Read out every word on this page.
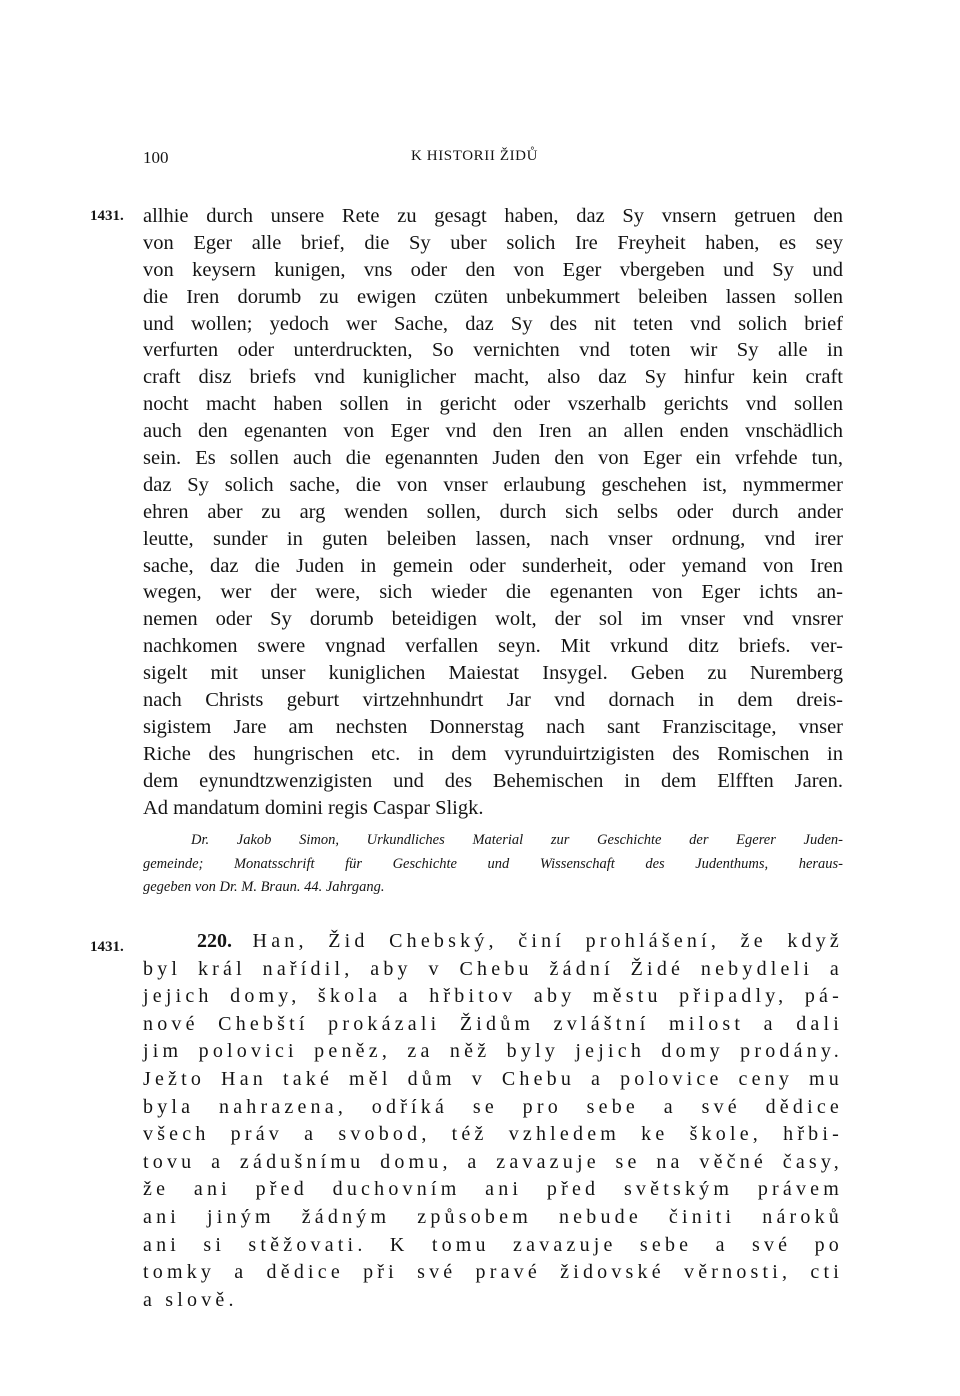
100	K HISTORII ŽIDŮ
1431. allhie durch unsere Rete zu gesagt haben, daz Sy vnsern getruen den
von Eger alle brief, die Sy uber solich Ire Freyheit haben, es sey
von keysern kunigen, vns oder den von Eger vbergeben und Sy und
die Iren dorumb zu ewigen czüten unbekummert beleiben lassen sollen
und wollen; yedoch wer Sache, daz Sy des nit teten vnd solich brief
verfurten oder unterdruckten, So vernichten vnd toten wir Sy alle in
craft disz briefs vnd kuniglicher macht, also daz Sy hinfur kein craft
nocht macht haben sollen in gericht oder vszerhalb gerichts vnd sollen
auch den egenanten von Eger vnd den Iren an allen enden vnschädlich
sein. Es sollen auch die egenannten Juden den von Eger ein vrfehde tun,
daz Sy solich sache, die von vnser erlaubung geschehen ist, nymmermer
ehren aber zu arg wenden sollen, durch sich selbs oder durch ander
leutte, sunder in guten beleiben lassen, nach vnser ordnung, vnd irer
sache, daz die Juden in gemein oder sunderheit, oder yemand von Iren
wegen, wer der were, sich wieder die egenanten von Eger ichts an-
nemen oder Sy dorumb beteidigen wolt, der sol im vnser vnd vnsrer
nachkomen swere vngnad verfallen seyn. Mit vrkund ditz briefs. ver-
sigelt mit unser kuniglichen Maiestat Insygel. Geben zu Nuremberg
nach Christs geburt virtzehnhundrt Jar vnd dornach in dem dreis-
sigistem Jare am nechsten Donnerstag nach sant Franziscitage, vnser
Riche des hungrischen etc. in dem vyrunduirtzigisten des Romischen in
dem eynundtzwenzigisten und des Behemischen in dem Elfften Jaren.
Ad mandatum domini regis Caspar Sligk.
Dr. Jakob Simon, Urkundliches Material zur Geschichte der Egerer Juden-
gemeinde; Monatsschrift für Geschichte und Wissenschaft des Judenthums, heraus-
gegeben von Dr. M. Braun. 44. Jahrgang.
1431.	220. Han, Žid Chebský, činí prohlášení, že když
byl král nařídil, aby v Chebu žádní Židé nebydleli a
jejich domy, škola a hřbitov aby městu připadly, pá-
nové Chebští prokázali Židům zvláštní milost a dali
jim polovici peněz, za něž byly jejich domy prodány.
Ježto Han také měl dům v Chebu a polovice ceny mu
byla nahrazena, odříká se pro sebe a své dědice
všech práv a svobod, též vzhledem ke škole, hřbi-
tovu a zádušnímu domu, a zavazuje se na věčné časy,
že ani před duchovním ani před světským právem
ani jiným žádným způsobem nebude činiti nároků
ani si stěžovati. K tomu zavazuje sebe a své po
tomky a dědice při své pravé židovské věrnosti, cti
a slově.
